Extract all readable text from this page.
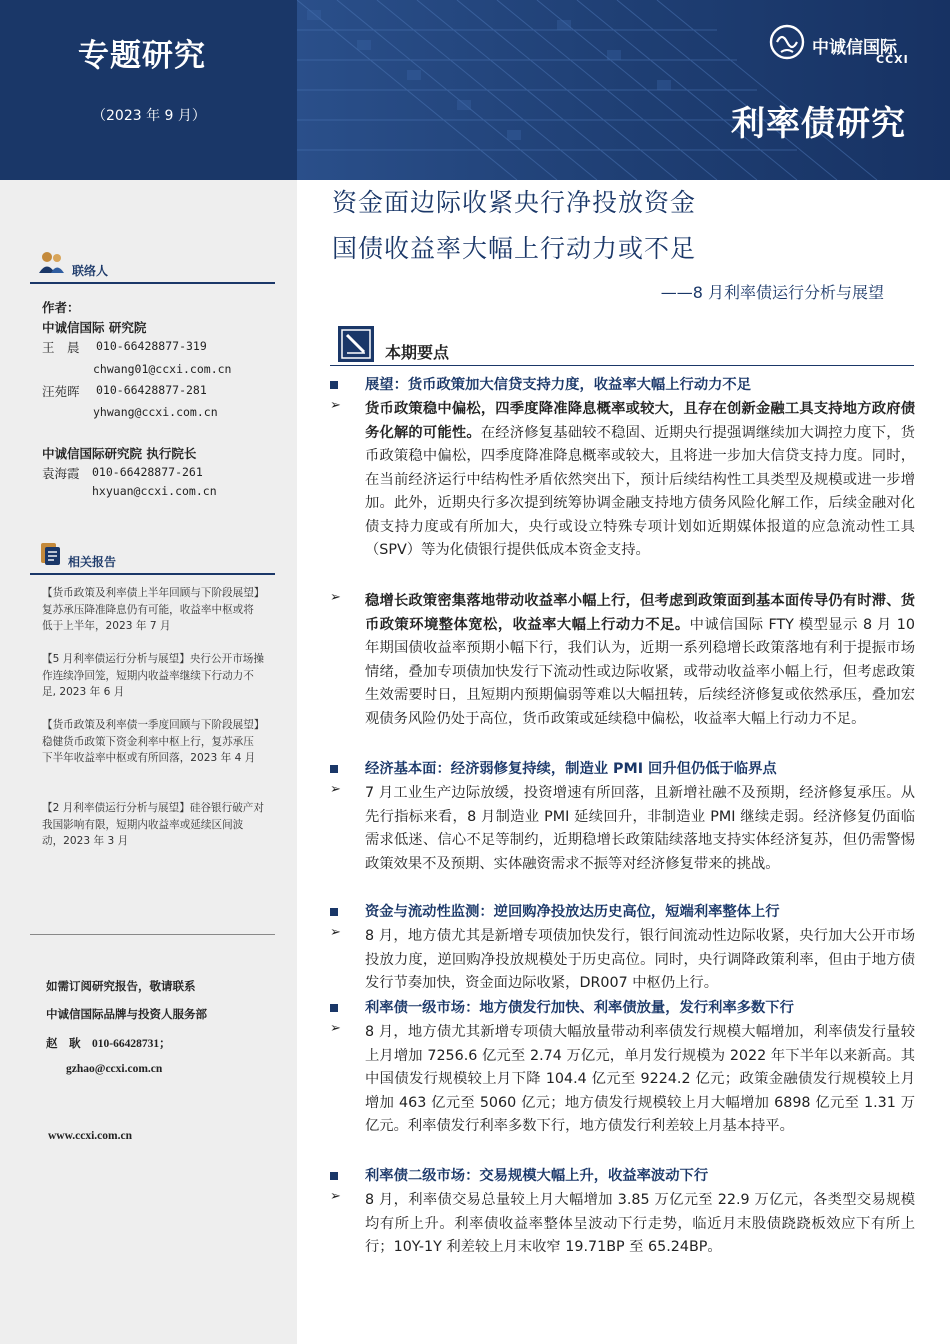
专题研究
（2023 年 9 月）
中诚信国际
CCXI
利率债研究
联络人
作者：
中诚信国际 研究院
王　晨 010-66428877-319
chwang01@ccxi.com.cn
汪苑晖 010-66428877-281
yhwang@ccxi.com.cn
中诚信国际研究院 执行院长
袁海霞 010-66428877-261
hxyuan@ccxi.com.cn
相关报告
【货币政策及利率债上半年回顾与下阶段展望】复苏承压降准降息仍有可能，收益率中枢或将低于上半年，2023 年 7 月
【5 月利率债运行分析与展望】央行公开市场操作连续净回笼，短期内收益率继续下行动力不足, 2023 年 6 月
【货币政策及利率债一季度回顾与下阶段展望】稳健货币政策下资金利率中枢上行，复苏承压下半年收益率中枢或有所回落，2023 年 4 月
【2 月利率债运行分析与展望】硅谷银行破产对我国影响有限，短期内收益率或延续区间波动，2023 年 3 月
如需订阅研究报告，敬请联系
中诚信国际品牌与投资人服务部
赵　耿　010-66428731；
gzhao@ccxi.com.cn
www.ccxi.com.cn
资金面边际收紧央行净投放资金
国债收益率大幅上行动力或不足
——8 月利率债运行分析与展望
本期要点
展望：货币政策加大信贷支持力度，收益率大幅上行动力不足
➢ 货币政策稳中偏松，四季度降准降息概率或较大，且存在创新金融工具支持地方政府债务化解的可能性。在经济修复基础较不稳固、近期央行提强调继续加大调控力度下，货币政策稳中偏松，四季度降准降息概率或较大，且将进一步加大信贷支持力度。同时，在当前经济运行中结构性矛盾依然突出下，预计后续结构性工具类型及规模或进一步增加。此外，近期央行多次提到统筹协调金融支持地方债务风险化解工作，后续金融对化债支持力度或有所加大，央行或设立特殊专项计划如近期媒体报道的应急流动性工具（SPV）等为化债银行提供低成本资金支持。
➢ 稳增长政策密集落地带动收益率小幅上行，但考虑到政策面到基本面传导仍有时滞、货币政策环境整体宽松，收益率大幅上行动力不足。中诚信国际 FTY 模型显示 8 月 10 年期国债收益率预期小幅下行，我们认为，近期一系列稳增长政策落地有利于提振市场情绪，叠加专项债加快发行下流动性或边际收紧，或带动收益率小幅上行，但考虑政策生效需要时日，且短期内预期偏弱等难以大幅扭转，后续经济修复或依然承压，叠加宏观债务风险仍处于高位，货币政策或延续稳中偏松，收益率大幅上行动力不足。
经济基本面：经济弱修复持续，制造业 PMI 回升但仍低于临界点
➢ 7 月工业生产边际放缓，投资增速有所回落，且新增社融不及预期，经济修复承压。从先行指标来看，8 月制造业 PMI 延续回升，非制造业 PMI 继续走弱。经济修复仍面临需求低迷、信心不足等制约，近期稳增长政策陆续落地支持实体经济复苏，但仍需警惕政策效果不及预期、实体融资需求不振等对经济修复带来的挑战。
资金与流动性监测：逆回购净投放达历史高位，短端利率整体上行
➢ 8 月，地方债尤其是新增专项债加快发行，银行间流动性边际收紧，央行加大公开市场投放力度，逆回购净投放规模处于历史高位。同时，央行调降政策利率，但由于地方债发行节奏加快，资金面边际收紧，DR007 中枢仍上行。
利率债一级市场：地方债发行加快、利率债放量，发行利率多数下行
➢ 8 月，地方债尤其新增专项债大幅放量带动利率债发行规模大幅增加，利率债发行量较上月增加 7256.6 亿元至 2.74 万亿元，单月发行规模为 2022 年下半年以来新高。其中国债发行规模较上月下降 104.4 亿元至 9224.2 亿元；政策金融债发行规模较上月增加 463 亿元至 5060 亿元；地方债发行规模较上月大幅增加 6898 亿元至 1.31 万亿元。利率债发行利率多数下行，地方债发行利差较上月基本持平。
利率债二级市场：交易规模大幅上升，收益率波动下行
➢ 8 月，利率债交易总量较上月大幅增加 3.85 万亿元至 22.9 万亿元，各类型交易规模均有所上升。利率债收益率整体呈波动下行走势，临近月末股债跷跷板效应下有所上行；10Y-1Y 利差较上月末收窄 19.71BP 至 65.24BP。
